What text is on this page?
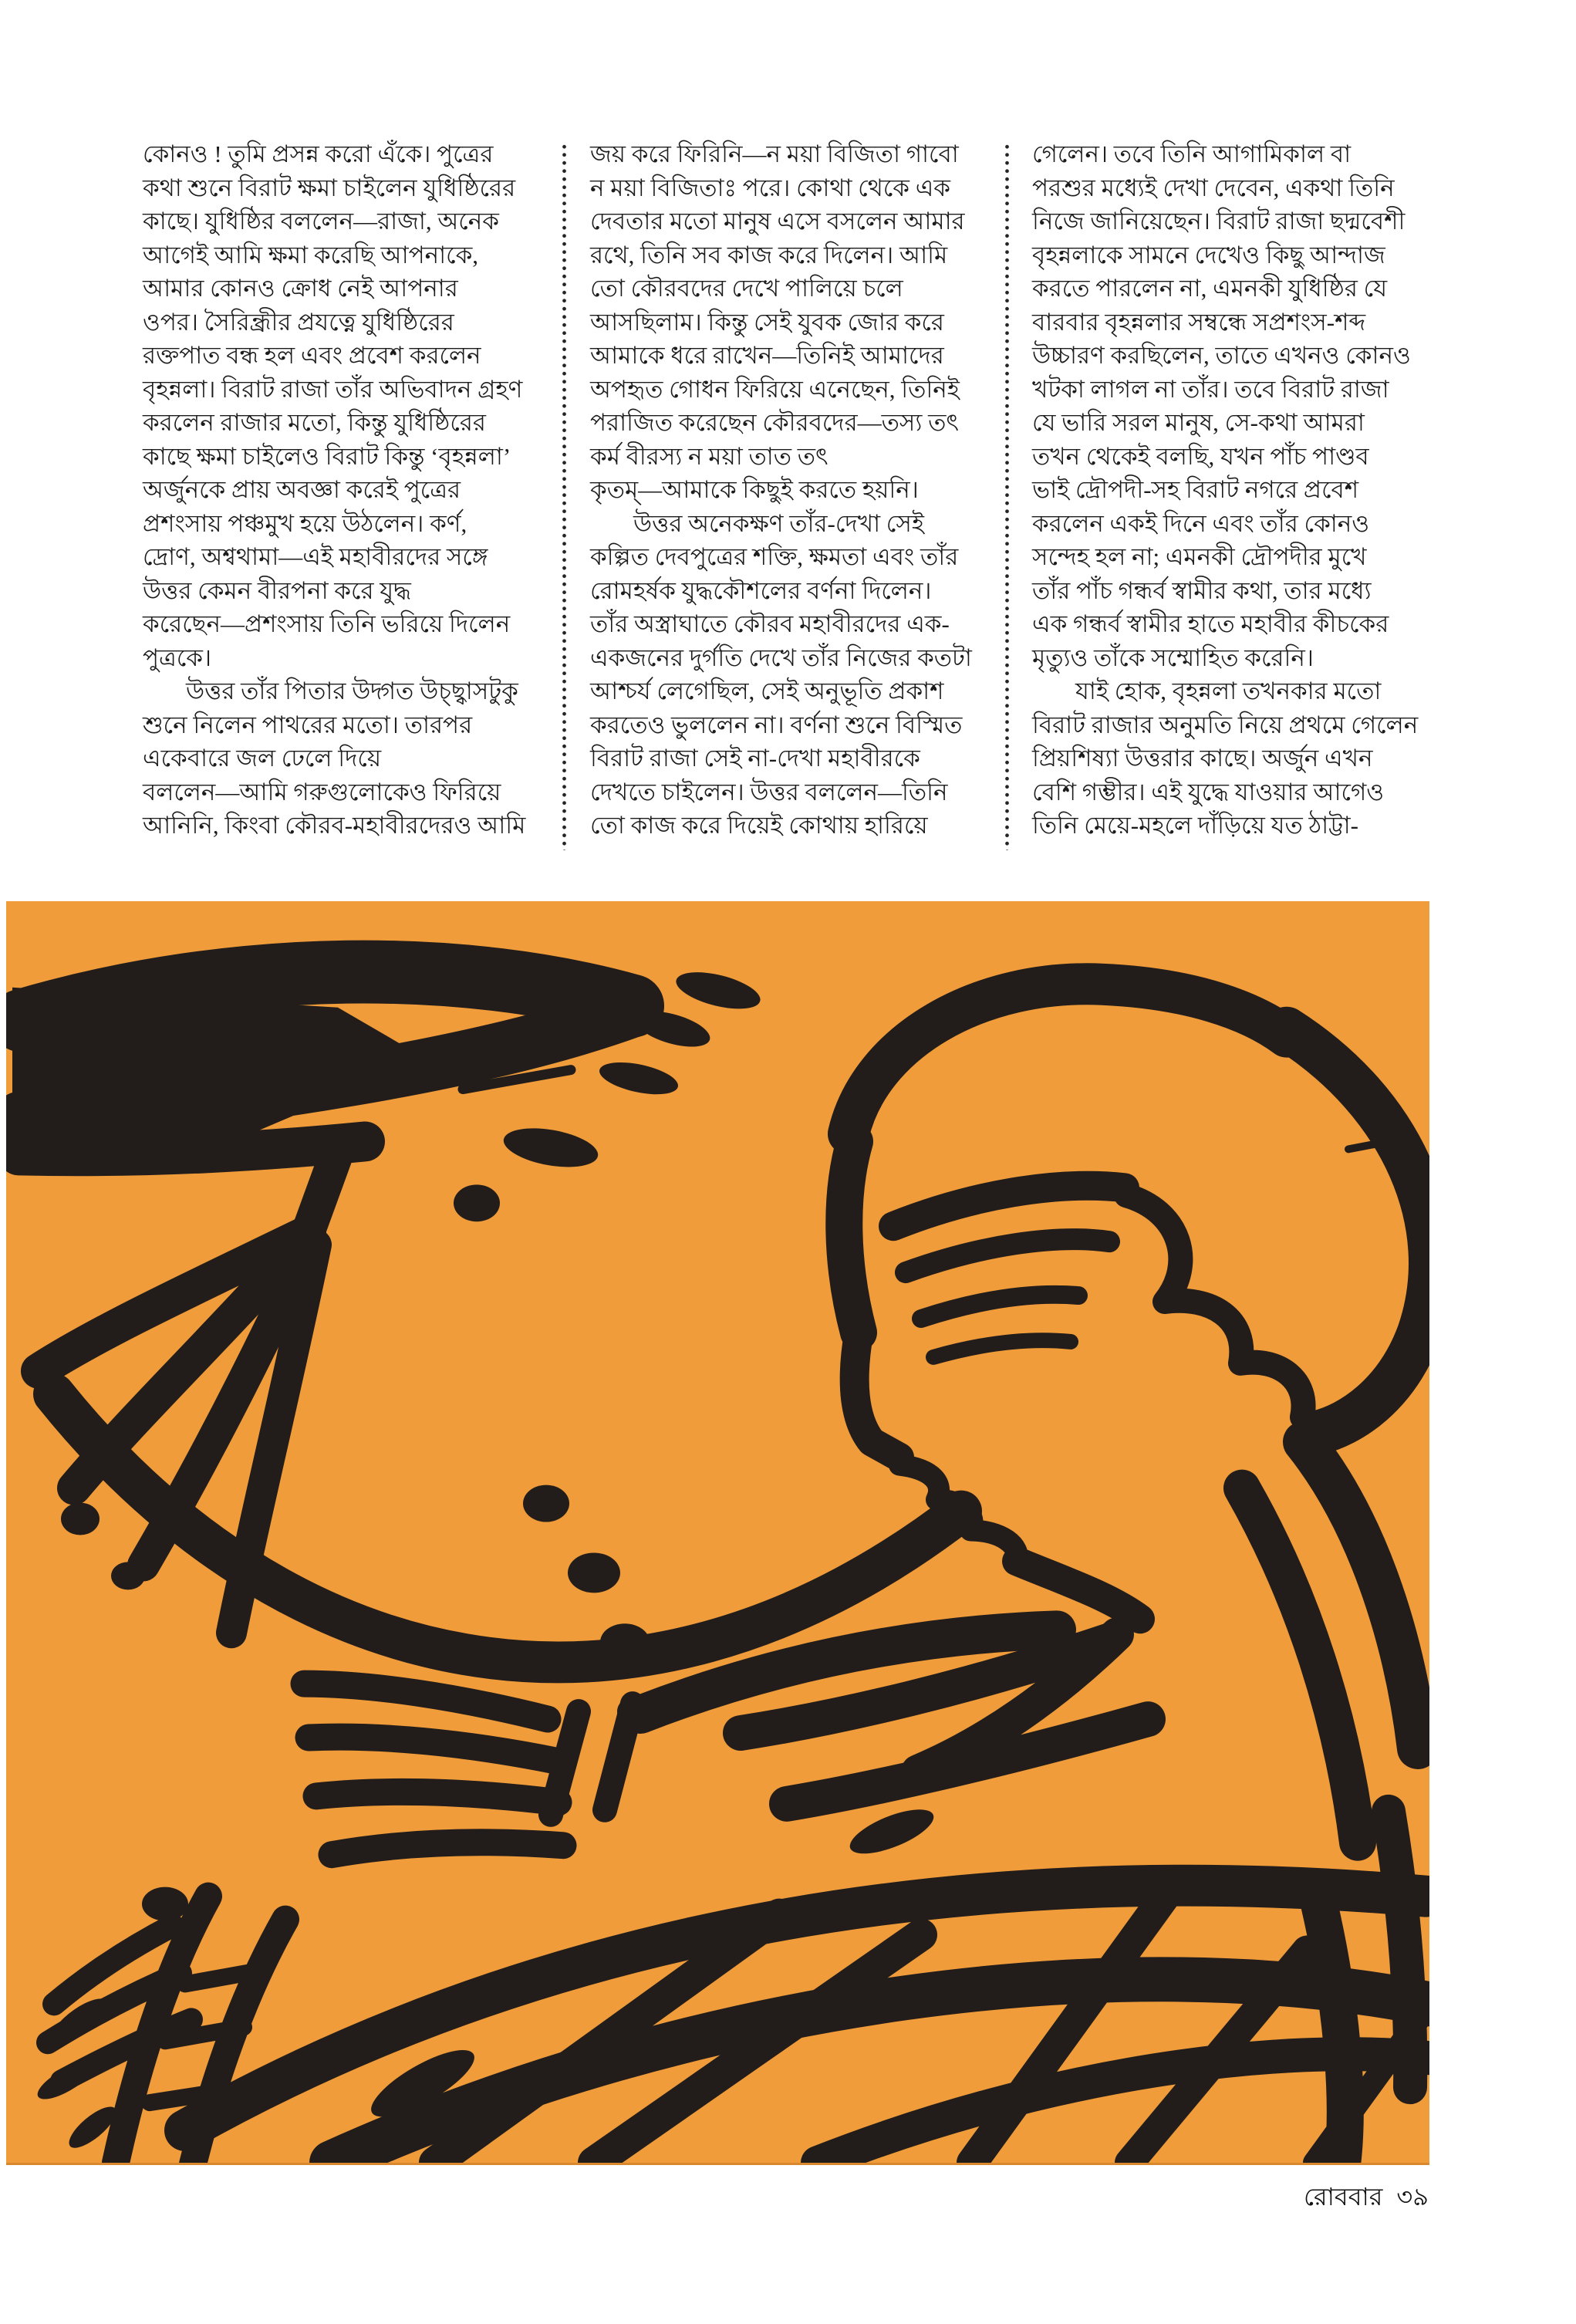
কোনও ! তুমি প্রসন্ন করো এঁকে। পুত্রের
কথা শুনে বিরাট ক্ষমা চাইলেন যুধিষ্ঠিরের
কাছে। যুধিষ্ঠির বললেন—রাজা, অনেক
আগেই আমি ক্ষমা করেছি আপনাকে,
আমার কোনও ক্রোধ নেই আপনার
ওপর। সৈরিন্ধ্রীর প্রযত্নে যুধিষ্ঠিরের
রক্তপাত বন্ধ হল এবং প্রবেশ করলেন
বৃহন্নলা। বিরাট রাজা তাঁর অভিবাদন গ্রহণ
করলেন রাজার মতো, কিন্তু যুধিষ্ঠিরের
কাছে ক্ষমা চাইলেও বিরাট কিন্তু ‘বৃহন্নলা’
অর্জুনকে প্রায় অবজ্ঞা করেই পুত্রের
প্রশংসায় পঞ্চমুখ হয়ে উঠলেন। কর্ণ,
দ্রোণ, অশ্বথামা—এই মহাবীরদের সঙ্গে
উত্তর কেমন বীরপনা করে যুদ্ধ
করেছেন—প্রশংসায় তিনি ভরিয়ে দিলেন
পুত্রকে।
উত্তর তাঁর পিতার উদ্গত উচ্ছ্বাসটুকু
শুনে নিলেন পাথরের মতো। তারপর
একেবারে জল ঢেলে দিয়ে
বললেন—আমি গরুগুলোকেও ফিরিয়ে
আনিনি, কিংবা কৌরব-মহাবীরদেরও আমি
জয় করে ফিরিনি—ন ময়া বিজিতা গাবো
ন ময়া বিজিতাঃ পরে। কোথা থেকে এক
দেবতার মতো মানুষ এসে বসলেন আমার
রথে, তিনি সব কাজ করে দিলেন। আমি
তো কৌরবদের দেখে পালিয়ে চলে
আসছিলাম। কিন্তু সেই যুবক জোর করে
আমাকে ধরে রাখেন—তিনিই আমাদের
অপহৃত গোধন ফিরিয়ে এনেছেন, তিনিই
পরাজিত করেছেন কৌরবদের—তস্য তৎ
কর্ম বীরস্য ন ময়া তাত তৎ
কৃতম্‌—আমাকে কিছুই করতে হয়নি।
উত্তর অনেকক্ষণ তাঁর-দেখা সেই
কল্পিত দেবপুত্রের শক্তি, ক্ষমতা এবং তাঁর
রোমহর্ষক যুদ্ধকৌশলের বর্ণনা দিলেন।
তাঁর অস্ত্রাঘাতে কৌরব মহাবীরদের এক-
একজনের দুর্গতি দেখে তাঁর নিজের কতটা
আশ্চর্য লেগেছিল, সেই অনুভূতি প্রকাশ
করতেও ভুললেন না। বর্ণনা শুনে বিস্মিত
বিরাট রাজা সেই না-দেখা মহাবীরকে
দেখতে চাইলেন। উত্তর বললেন—তিনি
তো কাজ করে দিয়েই কোথায় হারিয়ে
গেলেন। তবে তিনি আগামিকাল বা
পরশুর মধ্যেই দেখা দেবেন, একথা তিনি
নিজে জানিয়েছেন। বিরাট রাজা ছদ্মবেশী
বৃহন্নলাকে সামনে দেখেও কিছু আন্দাজ
করতে পারলেন না, এমনকী যুধিষ্ঠির যে
বারবার বৃহন্নলার সম্বন্ধে সপ্রশংস-শব্দ
উচ্চারণ করছিলেন, তাতে এখনও কোনও
খটকা লাগল না তাঁর। তবে বিরাট রাজা
যে ভারি সরল মানুষ, সে-কথা আমরা
তখন থেকেই বলছি, যখন পাঁচ পাণ্ডব
ভাই দ্রৌপদী-সহ বিরাট নগরে প্রবেশ
করলেন একই দিনে এবং তাঁর কোনও
সন্দেহ হল না; এমনকী দ্রৌপদীর মুখে
তাঁর পাঁচ গন্ধর্ব স্বামীর কথা, তার মধ্যে
এক গন্ধর্ব স্বামীর হাতে মহাবীর কীচকের
মৃত্যুও তাঁকে সম্মোহিত করেনি।
যাই হোক, বৃহন্নলা তখনকার মতো
বিরাট রাজার অনুমতি নিয়ে প্রথমে গেলেন
প্রিয়শিষ্যা উত্তরার কাছে। অর্জুন এখন
বেশি গম্ভীর। এই যুদ্ধে যাওয়ার আগেও
তিনি মেয়ে-মহলে দাঁড়িয়ে যত ঠাট্টা-
রোববার ৩৯
